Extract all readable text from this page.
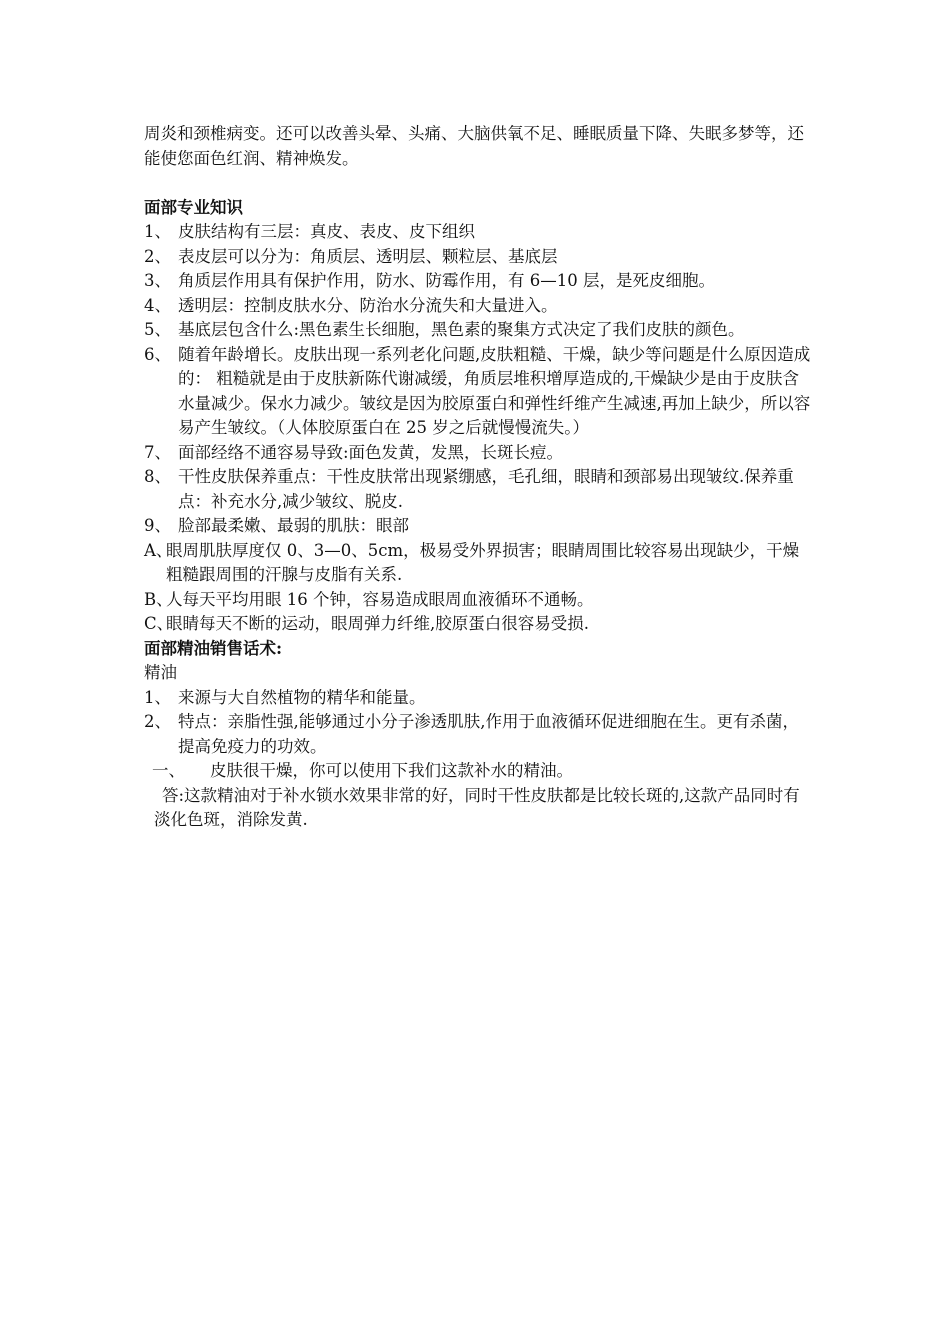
周炎和颈椎病变。还可以改善头晕、头痛、大脑供氧不足、睡眠质量下降、失眠多梦等，还能使您面色红润、精神焕发。

面部专业知识

1、 皮肤结构有三层：真皮、表皮、皮下组织
2、 表皮层可以分为：角质层、透明层、颗粒层、基底层
3、 角质层作用具有保护作用，防水、防霉作用，有 6—10 层，是死皮细胞。
4、 透明层：控制皮肤水分、防治水分流失和大量进入。
5、 基底层包含什么:黑色素生长细胞，黑色素的聚集方式决定了我们皮肤的颜色。
6、 随着年龄增长。皮肤出现一系列老化问题,皮肤粗糙、干燥，缺少等问题是什么原因造成的： 粗糙就是由于皮肤新陈代谢减缓，角质层堆积增厚造成的,干燥缺少是由于皮肤含水量减少。保水力减少。皱纹是因为胶原蛋白和弹性纤维产生减速,再加上缺少，所以容易产生皱纹。（人体胶原蛋白在 25 岁之后就慢慢流失。）
7、 面部经络不通容易导致:面色发黄，发黑，长斑长痘。
8、 干性皮肤保养重点：干性皮肤常出现紧绷感，毛孔细，眼睛和颈部易出现皱纹.保养重点：补充水分,减少皱纹、脱皮.
9、 脸部最柔嫩、最弱的肌肤：眼部
A、
眼周肌肤厚度仅 0、3—0、5cm，极易受外界损害；眼睛周围比较容易出现缺少，干燥粗糙跟周围的汗腺与皮脂有关系.
B、
人每天平均用眼 16 个钟，容易造成眼周血液循环不通畅。
C、
眼睛每天不断的运动，眼周弹力纤维,胶原蛋白很容易受损.

面部精油销售话术:

精油

1、 来源与大自然植物的精华和能量。
2、 特点：亲脂性强,能够通过小分子渗透肌肤,作用于血液循环促进细胞在生。更有杀菌，提高免疫力的功效。
一、	皮肤很干燥，你可以使用下我们这款补水的精油。

答:这款精油对于补水锁水效果非常的好，同时干性皮肤都是比较长斑的,这款产品同时有淡化色斑，消除发黄.
